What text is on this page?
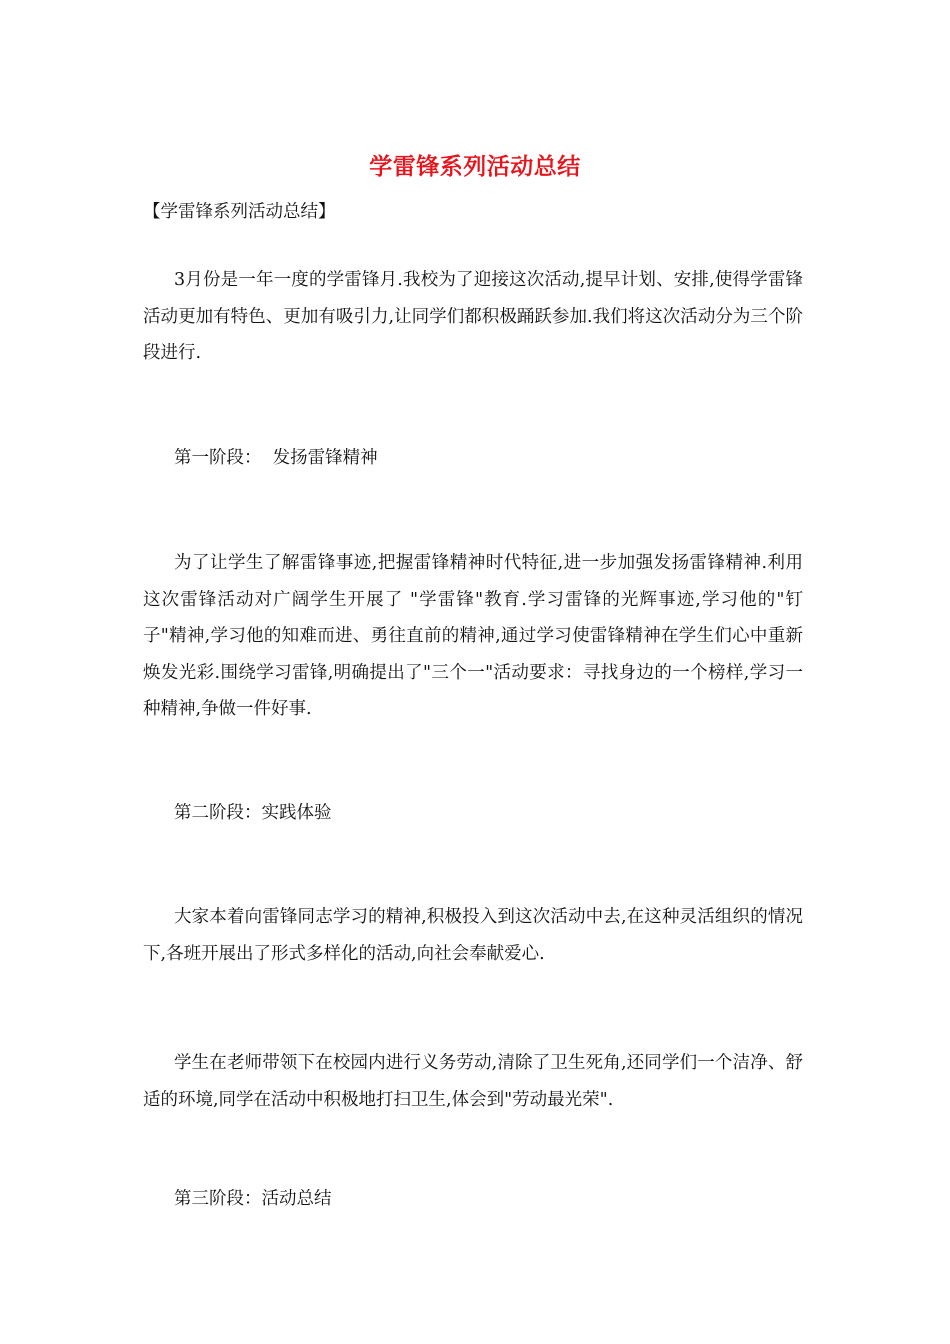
学雷锋系列活动总结
【学雷锋系列活动总结】

3月份是一年一度的学雷锋月.我校为了迎接这次活动,提早计划、安排,使得学雷锋活动更加有特色、更加有吸引力,让同学们都积极踊跃参加.我们将这次活动分为三个阶段进行.

第一阶段：  发扬雷锋精神

为了让学生了解雷锋事迹,把握雷锋精神时代特征,进一步加强发扬雷锋精神.利用这次雷锋活动对广阔学生开展了 "学雷锋"教育.学习雷锋的光辉事迹,学习他的"钉子"精神,学习他的知难而进、勇往直前的精神,通过学习使雷锋精神在学生们心中重新焕发光彩.围绕学习雷锋,明确提出了"三个一"活动要求：寻找身边的一个榜样,学习一种精神,争做一件好事.

第二阶段：实践体验

大家本着向雷锋同志学习的精神,积极投入到这次活动中去,在这种灵活组织的情况下,各班开展出了形式多样化的活动,向社会奉献爱心.

学生在老师带领下在校园内进行义务劳动,清除了卫生死角,还同学们一个洁净、舒适的环境,同学在活动中积极地打扫卫生,体会到"劳动最光荣".

第三阶段：活动总结
